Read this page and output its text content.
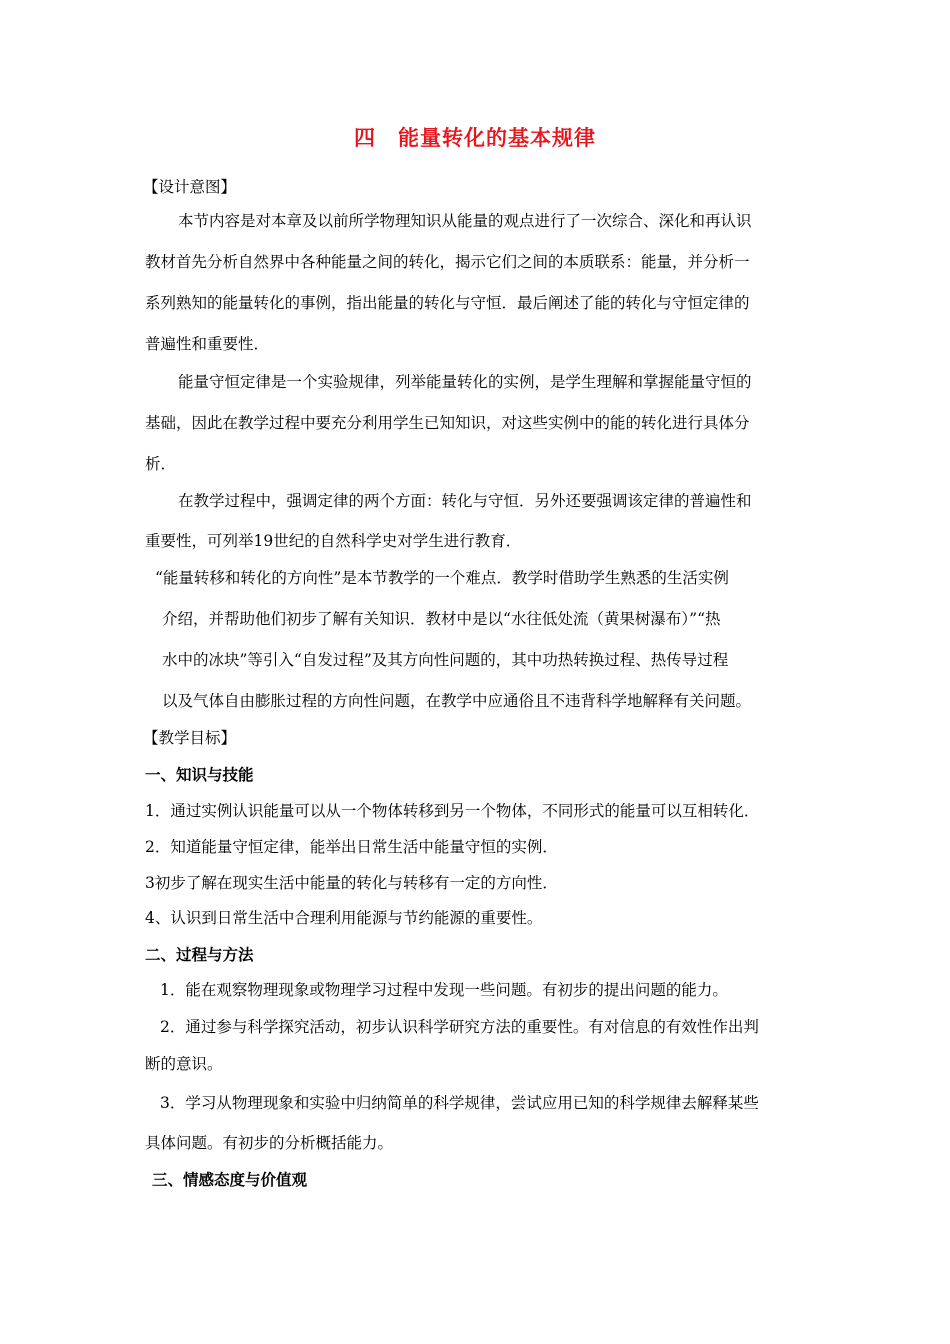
四　能量转化的基本规律
【设计意图】
本节内容是对本章及以前所学物理知识从能量的观点进行了一次综合、深化和再认识
教材首先分析自然界中各种能量之间的转化，揭示它们之间的本质联系：能量，并分析一
系列熟知的能量转化的事例，指出能量的转化与守恒．最后阐述了能的转化与守恒定律的
普遍性和重要性．
能量守恒定律是一个实验规律，列举能量转化的实例，是学生理解和掌握能量守恒的
基础，因此在教学过程中要充分利用学生已知知识，对这些实例中的能的转化进行具体分
析．
在教学过程中，强调定律的两个方面：转化与守恒．另外还要强调该定律的普遍性和
重要性，可列举19世纪的自然科学史对学生进行教育．
“能量转移和转化的方向性”是本节教学的一个难点．教学时借助学生熟悉的生活实例
介绍，并帮助他们初步了解有关知识．教材中是以“水往低处流（黄果树瀑布）”“热
水中的冰块”等引入“自发过程”及其方向性问题的，其中功热转换过程、热传导过程
以及气体自由膨胀过程的方向性问题，在教学中应通俗且不违背科学地解释有关问题。
【教学目标】
一、知识与技能
1．通过实例认识能量可以从一个物体转移到另一个物体，不同形式的能量可以互相转化．
2．知道能量守恒定律，能举出日常生活中能量守恒的实例．
3初步了解在现实生活中能量的转化与转移有一定的方向性．
4、认识到日常生活中合理利用能源与节约能源的重要性。
二、过程与方法
1．能在观察物理现象或物理学习过程中发现一些问题。有初步的提出问题的能力。
2．通过参与科学探究活动，初步认识科学研究方法的重要性。有对信息的有效性作出判
断的意识。
3．学习从物理现象和实验中归纳简单的科学规律，尝试应用已知的科学规律去解释某些
具体问题。有初步的分析概括能力。
三、情感态度与价值观
